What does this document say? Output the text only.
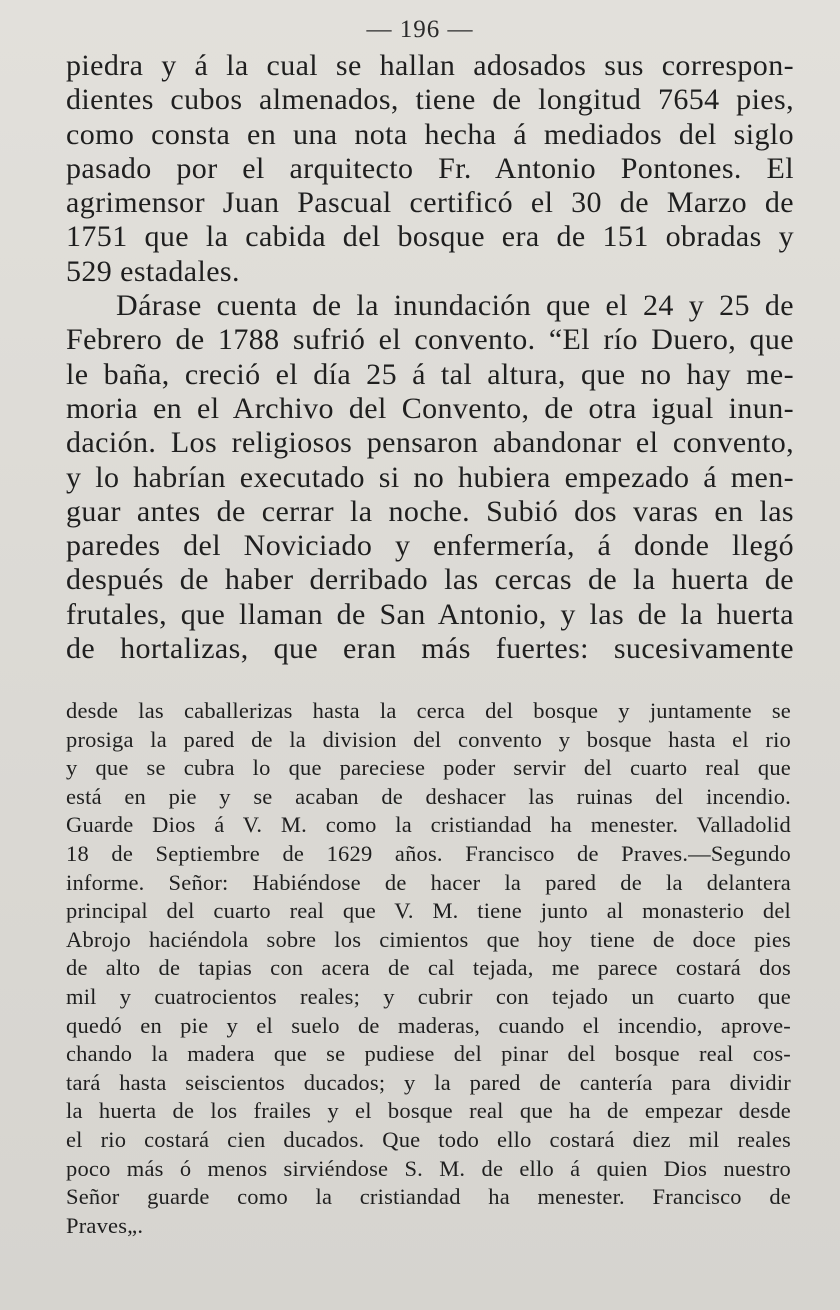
— 196 —
piedra y á la cual se hallan adosados sus correspon-
dientes cubos almenados, tiene de longitud 7654 pies,
como consta en una nota hecha á mediados del siglo
pasado por el arquitecto Fr. Antonio Pontones. El
agrimensor Juan Pascual certificó el 30 de Marzo de
1751 que la cabida del bosque era de 151 obradas y
529 estadales.
Dárase cuenta de la inundación que el 24 y 25 de
Febrero de 1788 sufrió el convento. “El río Duero, que
le baña, creció el día 25 á tal altura, que no hay me-
moria en el Archivo del Convento, de otra igual inun-
dación. Los religiosos pensaron abandonar el convento,
y lo habrían executado si no hubiera empezado á men-
guar antes de cerrar la noche. Subió dos varas en las
paredes del Noviciado y enfermería, á donde llegó
después de haber derribado las cercas de la huerta de
frutales, que llaman de San Antonio, y las de la huerta
de hortalizas, que eran más fuertes: sucesivamente
desde las caballerizas hasta la cerca del bosque y juntamente se
prosiga la pared de la division del convento y bosque hasta el rio
y que se cubra lo que pareciese poder servir del cuarto real que
está en pie y se acaban de deshacer las ruinas del incendio.
Guarde Dios á V. M. como la cristiandad ha menester. Valladolid
18 de Septiembre de 1629 años. Francisco de Praves.—Segundo
informe. Señor: Habiéndose de hacer la pared de la delantera
principal del cuarto real que V. M. tiene junto al monasterio del
Abrojo haciéndola sobre los cimientos que hoy tiene de doce pies
de alto de tapias con acera de cal tejada, me parece costará dos
mil y cuatrocientos reales; y cubrir con tejado un cuarto que
quedó en pie y el suelo de maderas, cuando el incendio, aprove-
chando la madera que se pudiese del pinar del bosque real cos-
tará hasta seiscientos ducados; y la pared de cantería para dividir
la huerta de los frailes y el bosque real que ha de empezar desde
el rio costará cien ducados. Que todo ello costará diez mil reales
poco más ó menos sirviéndose S. M. de ello á quien Dios nuestro
Señor guarde como la cristiandad ha menester. Francisco de
Praves„.
